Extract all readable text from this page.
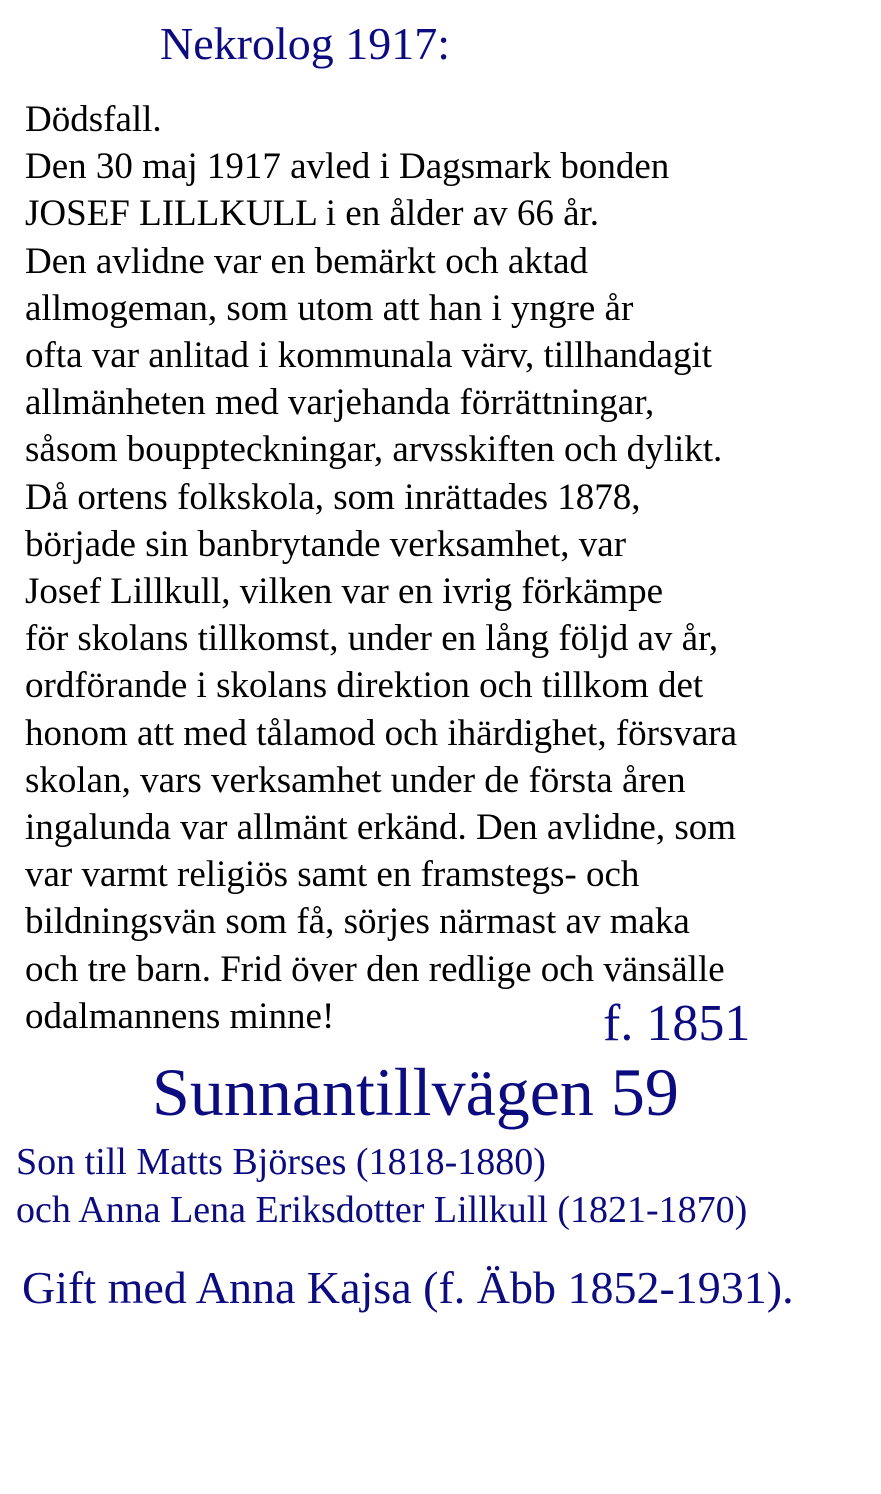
Nekrolog 1917:
Dödsfall.
Den 30 maj 1917 avled i Dagsmark bonden
JOSEF LILLKULL i en ålder av 66 år.
Den avlidne var en bemärkt och aktad
allmogeman, som utom att han i yngre år
ofta var anlitad i kommunala värv, tillhandagit
allmänheten med varjehanda förrättningar,
såsom bouppteckningar, arvsskiften och dylikt.
Då ortens folkskola, som inrättades 1878,
började sin banbrytande verksamhet, var
Josef Lillkull, vilken var en ivrig förkämpe
för skolans tillkomst, under en lång följd av år,
ordförande i skolans direktion och tillkom det
honom att med tålamod och ihärdighet, försvara
skolan, vars verksamhet under de första åren
ingalunda var allmänt erkänd. Den avlidne, som
var varmt religiös samt en framstegs- och
bildningsvän som få, sörjes närmast av maka
och tre barn. Frid över den redlige och vänsälle
odalmannens minne!	f. 1851
Sunnantillvägen 59
Son till Matts Björses (1818-1880)
och Anna Lena Eriksdotter Lillkull (1821-1870)
Gift med Anna Kajsa (f. Äbb 1852-1931).
